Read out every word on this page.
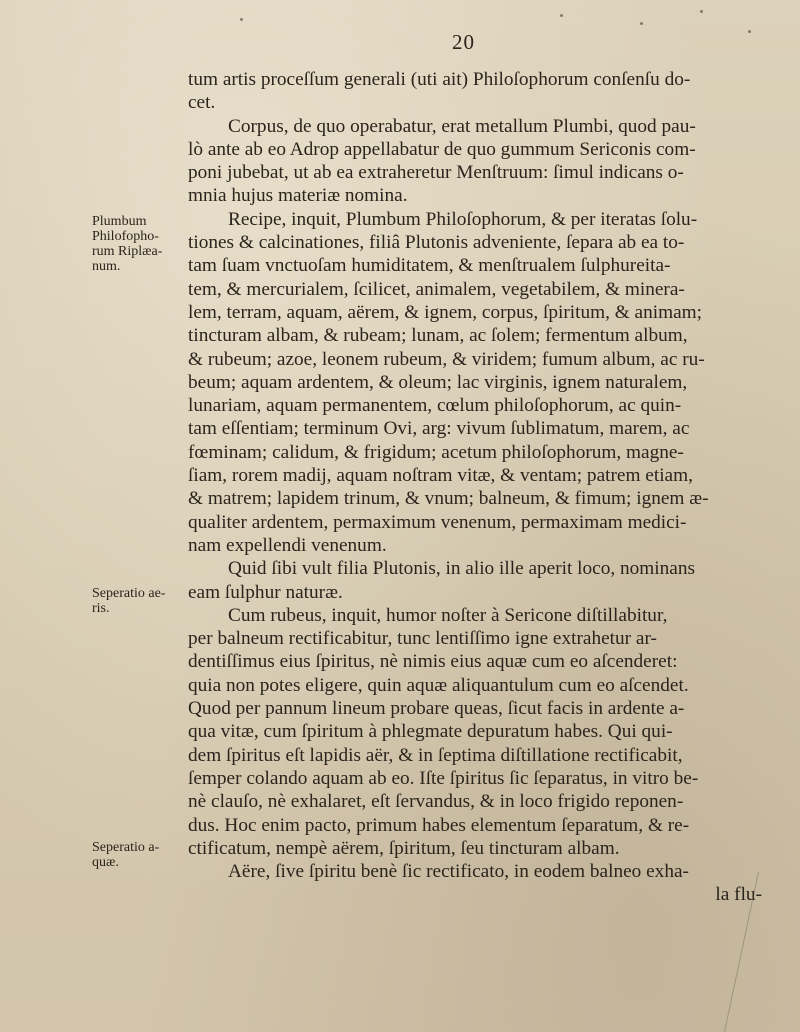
20
Plumbum
Philofopho-
rum Riplæa-
num.
Seperatio ae-
ris.
Seperatio a-
quæ.
tum artis proceſſum generali (uti ait) Philoſophorum conſenſu do-
cet.
Corpus, de quo operabatur, erat metallum Plumbi, quod pau-
lò ante ab eo Adrop appellabatur de quo gummum Sericonis com-
poni jubebat, ut ab ea extraheretur Menſtruum: ſimul indicans o-
mnia hujus materiæ nomina.
Recipe, inquit, Plumbum Philoſophorum, & per iteratas ſolu-
tiones & calcinationes, filiâ Plutonis adveniente, ſepara ab ea to-
tam ſuam vnctuoſam humiditatem, & menſtrualem ſulphureita-
tem, & mercurialem, ſcilicet, animalem, vegetabilem, & minera-
lem, terram, aquam, aërem, & ignem, corpus, ſpiritum, & animam;
tincturam albam, & rubeam; lunam, ac ſolem; fermentum album,
& rubeum; azoe, leonem rubeum, & viridem; fumum album, ac ru-
beum; aquam ardentem, & oleum; lac virginis, ignem naturalem,
lunariam, aquam permanentem, cœlum philoſophorum, ac quin-
tam eſſentiam; terminum Ovi, arg: vivum ſublimatum, marem, ac
fœminam; calidum, & frigidum; acetum philoſophorum, magne-
ſiam, rorem madij, aquam noſtram vitæ, & ventam; patrem etiam,
& matrem; lapidem trinum, & vnum; balneum, & fimum; ignem æ-
qualiter ardentem, permaximum venenum, permaximam medici-
nam expellendi venenum.
Quid ſibi vult filia Plutonis, in alio ille aperit loco, nominans
eam ſulphur naturæ.
Cum rubeus, inquit, humor noſter à Sericone diſtillabitur,
per balneum rectificabitur, tunc lentiſſimo igne extrahetur ar-
dentiſſimus eius ſpiritus, nè nimis eius aquæ cum eo aſcenderet:
quia non potes eligere, quin aquæ aliquantulum cum eo aſcendet.
Quod per pannum lineum probare queas, ſicut facis in ardente a-
qua vitæ, cum ſpiritum à phlegmate depuratum habes. Qui qui-
dem ſpiritus eſt lapidis aër, & in ſeptima diſtillatione rectificabit,
ſemper colando aquam ab eo. Iſte ſpiritus ſic ſeparatus, in vitro be-
nè clauſo, nè exhalaret, eſt ſervandus, & in loco frigido reponen-
dus. Hoc enim pacto, primum habes elementum ſeparatum, & re-
ctificatum, nempè aërem, ſpiritum, ſeu tincturam albam.
Aëre, ſive ſpiritu benè ſic rectificato, in eodem balneo exha-
la flu-
